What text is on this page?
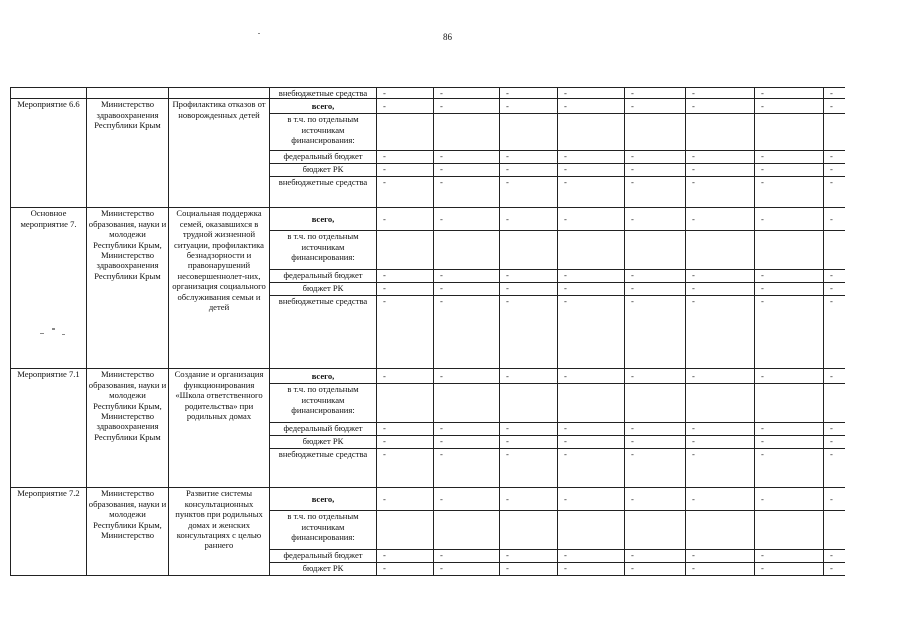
86
			внебюджетные средства	-	-	-	-	-	-	-	-
Мероприятие 6.6	Министерство здравоохранения Республики Крым	Профилактика отказов от новорожденных детей	всего,	-	-	-	-	-	-	-	-
			в т.ч. по отдельным источникам финансирования:								
			федеральный бюджет	-	-	-	-	-	-	-	-
			бюджет РК	-	-	-	-	-	-	-	-
			внебюджетные средства	-	-	-	-	-	-	-	-
Основное мероприятие 7.	Министерство образования, науки и молодежи Республики Крым, Министерство здравоохранения Республики Крым	Социальная поддержка семей, оказавшихся в трудной жизненной ситуации, профилактика безнадзорности и правонарушений несовершеннолет-них, организация социального обслуживания семьи и детей	всего,	-	-	-	-	-	-	-	-
			в т.ч. по отдельным источникам финансирования:								
			федеральный бюджет	-	-	-	-	-	-	-	-
			бюджет РК	-	-	-	-	-	-	-	-
			внебюджетные средства	-	-	-	-	-	-	-	-
Мероприятие 7.1	Министерство образования, науки и молодежи Республики Крым, Министерство здравоохранения Республики Крым	Создание и организация функционирования «Школа ответственного родительства» при родильных домах	всего,	-	-	-	-	-	-	-	-
			в т.ч. по отдельным источникам финансирования:								
			федеральный бюджет	-	-	-	-	-	-	-	-
			бюджет РК	-	-	-	-	-	-	-	-
			внебюджетные средства	-	-	-	-	-	-	-	-
Мероприятие 7.2	Министерство образования, науки и молодежи Республики Крым, Министерство	Развитие системы консультационных пунктов при родильных домах и женских консультациях с целью раннего	всего,	-	-	-	-	-	-	-	-
			в т.ч. по отдельным источникам финансирования:								
			федеральный бюджет	-	-	-	-	-	-	-	-
			бюджет РК	-	-	-	-	-	-	-	-
